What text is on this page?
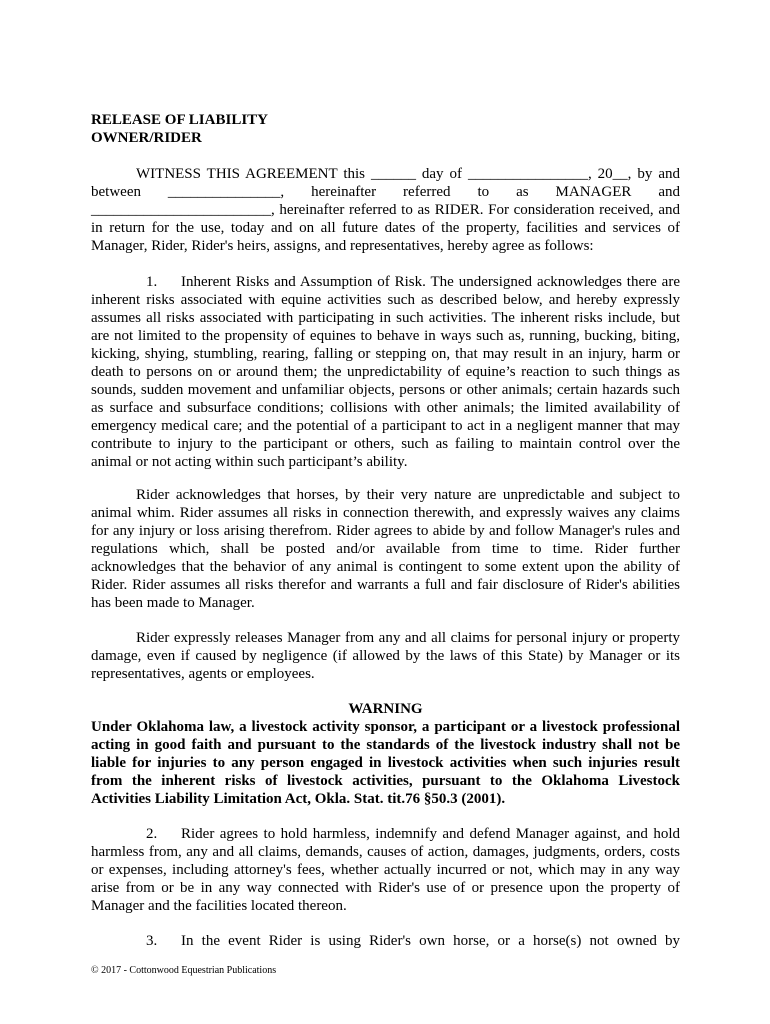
RELEASE OF LIABILITY
OWNER/RIDER
WITNESS THIS AGREEMENT this ______ day of ________________, 20__, by and
between _______________, hereinafter referred to as MANAGER and
________________________, hereinafter referred to as RIDER. For consideration received, and
in return for the use, today and on all future dates of the property, facilities and services of
Manager, Rider, Rider's heirs, assigns, and representatives, hereby agree as follows:
1. Inherent Risks and Assumption of Risk. The undersigned acknowledges there are
inherent risks associated with equine activities such as described below, and hereby expressly
assumes all risks associated with participating in such activities. The inherent risks include, but
are not limited to the propensity of equines to behave in ways such as, running, bucking, biting,
kicking, shying, stumbling, rearing, falling or stepping on, that may result in an injury, harm or
death to persons on or around them; the unpredictability of equine’s reaction to such things as
sounds, sudden movement and unfamiliar objects, persons or other animals; certain hazards such
as surface and subsurface conditions; collisions with other animals; the limited availability of
emergency medical care; and the potential of a participant to act in a negligent manner that may
contribute to injury to the participant or others, such as failing to maintain control over the
animal or not acting within such participant’s ability.
Rider acknowledges that horses, by their very nature are unpredictable and subject to
animal whim. Rider assumes all risks in connection therewith, and expressly waives any claims
for any injury or loss arising therefrom. Rider agrees to abide by and follow Manager's rules and
regulations which, shall be posted and/or available from time to time. Rider further
acknowledges that the behavior of any animal is contingent to some extent upon the ability of
Rider. Rider assumes all risks therefor and warrants a full and fair disclosure of Rider's abilities
has been made to Manager.
Rider expressly releases Manager from any and all claims for personal injury or property
damage, even if caused by negligence (if allowed by the laws of this State) by Manager or its
representatives, agents or employees.
WARNING
Under Oklahoma law, a livestock activity sponsor, a participant or a livestock professional
acting in good faith and pursuant to the standards of the livestock industry shall not be
liable for injuries to any person engaged in livestock activities when such injuries result
from the inherent risks of livestock activities, pursuant to the Oklahoma Livestock
Activities Liability Limitation Act, Okla. Stat. tit.76 §50.3 (2001).
2. Rider agrees to hold harmless, indemnify and defend Manager against, and hold
harmless from, any and all claims, demands, causes of action, damages, judgments, orders, costs
or expenses, including attorney's fees, whether actually incurred or not, which may in any way
arise from or be in any way connected with Rider's use of or presence upon the property of
Manager and the facilities located thereon.
3. In the event Rider is using Rider's own horse, or a horse(s) not owned by
© 2017 - Cottonwood Equestrian Publications
